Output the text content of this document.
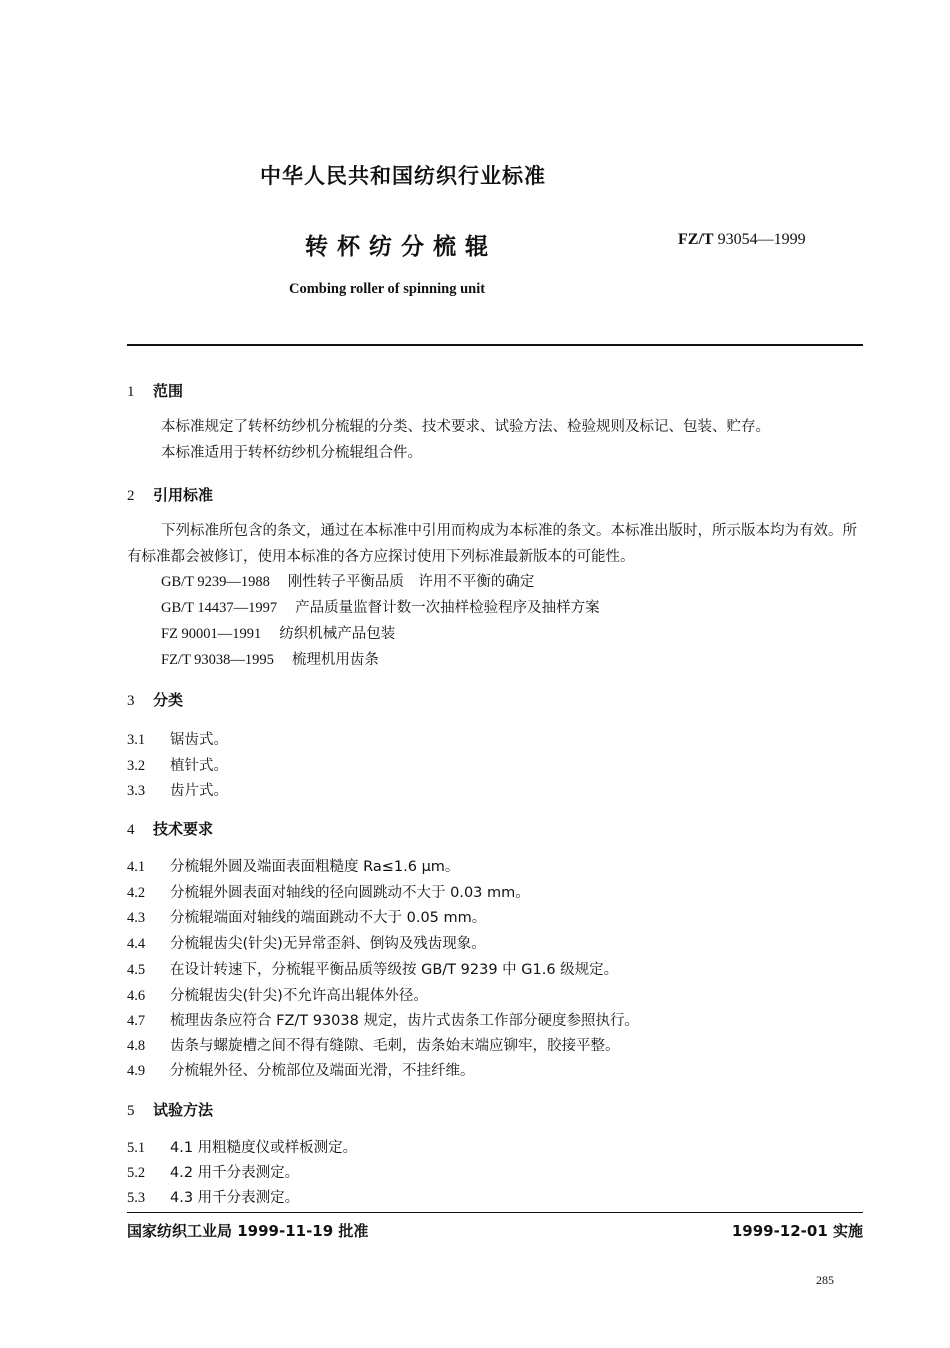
中华人民共和国纺织行业标准
转杯纺分梳辊	FZ/T 93054—1999
Combing roller of spinning unit
1 范围
本标准规定了转杯纺纱机分梳辊的分类、技术要求、试验方法、检验规则及标记、包装、贮存。
本标准适用于转杯纺纱机分梳辊组合件。
2 引用标准
下列标准所包含的条文，通过在本标准中引用而构成为本标准的条文。本标准出版时，所示版本均为有效。所有标准都会被修订，使用本标准的各方应探讨使用下列标准最新版本的可能性。
GB/T 9239—1988 刚性转子平衡品质　许用不平衡的确定
GB/T 14437—1997 产品质量监督计数一次抽样检验程序及抽样方案
FZ 90001—1991 纺织机械产品包装
FZ/T 93038—1995 梳理机用齿条
3 分类
3.1 锯齿式。
3.2 植针式。
3.3 齿片式。
4 技术要求
4.1 分梳辊外圆及端面表面粗糙度 Ra≤1.6 μm。
4.2 分梳辊外圆表面对轴线的径向圆跳动不大于 0.03 mm。
4.3 分梳辊端面对轴线的端面跳动不大于 0.05 mm。
4.4 分梳辊齿尖(针尖)无异常歪斜、倒钩及残齿现象。
4.5 在设计转速下，分梳辊平衡品质等级按 GB/T 9239 中 G1.6 级规定。
4.6 分梳辊齿尖(针尖)不允许高出辊体外径。
4.7 梳理齿条应符合 FZ/T 93038 规定，齿片式齿条工作部分硬度参照执行。
4.8 齿条与螺旋槽之间不得有缝隙、毛刺，齿条始末端应铆牢，胶接平整。
4.9 分梳辊外径、分梳部位及端面光滑，不挂纤维。
5 试验方法
5.1 4.1 用粗糙度仪或样板测定。
5.2 4.2 用千分表测定。
5.3 4.3 用千分表测定。
国家纺织工业局 1999-11-19 批准	1999-12-01 实施
285
